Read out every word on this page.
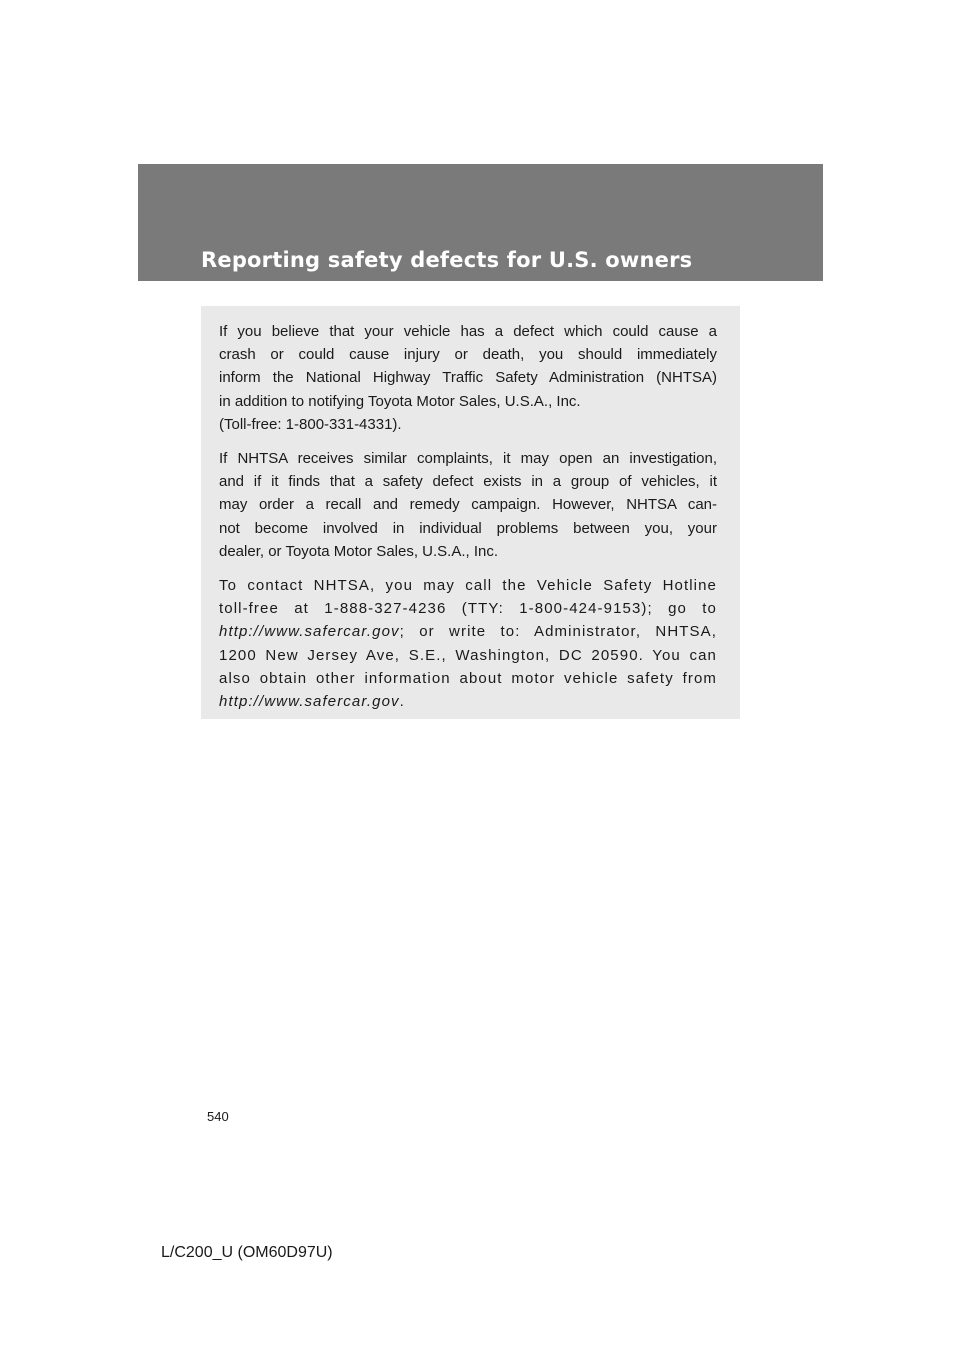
Reporting safety defects for U.S. owners

If you believe that your vehicle has a defect which could cause a
crash or could cause injury or death, you should immediately
inform the National Highway Traffic Safety Administration (NHTSA)
in addition to notifying Toyota Motor Sales, U.S.A., Inc.
(Toll-free: 1-800-331-4331).

If NHTSA receives similar complaints, it may open an investigation,
and if it finds that a safety defect exists in a group of vehicles, it
may order a recall and remedy campaign. However, NHTSA can-
not become involved in individual problems between you, your
dealer, or Toyota Motor Sales, U.S.A., Inc.

To contact NHTSA, you may call the Vehicle Safety Hotline
toll-free at 1-888-327-4236 (TTY: 1-800-424-9153); go to
http://www.safercar.gov; or write to: Administrator, NHTSA,
1200 New Jersey Ave, S.E., Washington, DC 20590. You can
also obtain other information about motor vehicle safety from
http://www.safercar.gov.

540
L/C200_U (OM60D97U)
